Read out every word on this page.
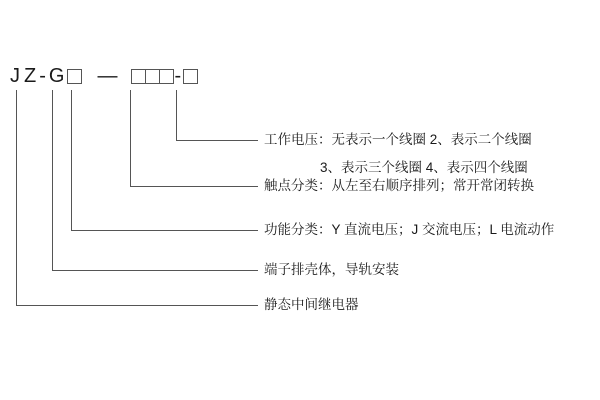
J Z - G —	-
工作电压：无表示一个线圈 2、表示二个线圈
3、表示三个线圈 4、表示四个线圈
触点分类：从左至右顺序排列；常开常闭转换
功能分类：Y 直流电压；J 交流电压；L 电流动作
端子排壳体，导轨安装
静态中间继电器
